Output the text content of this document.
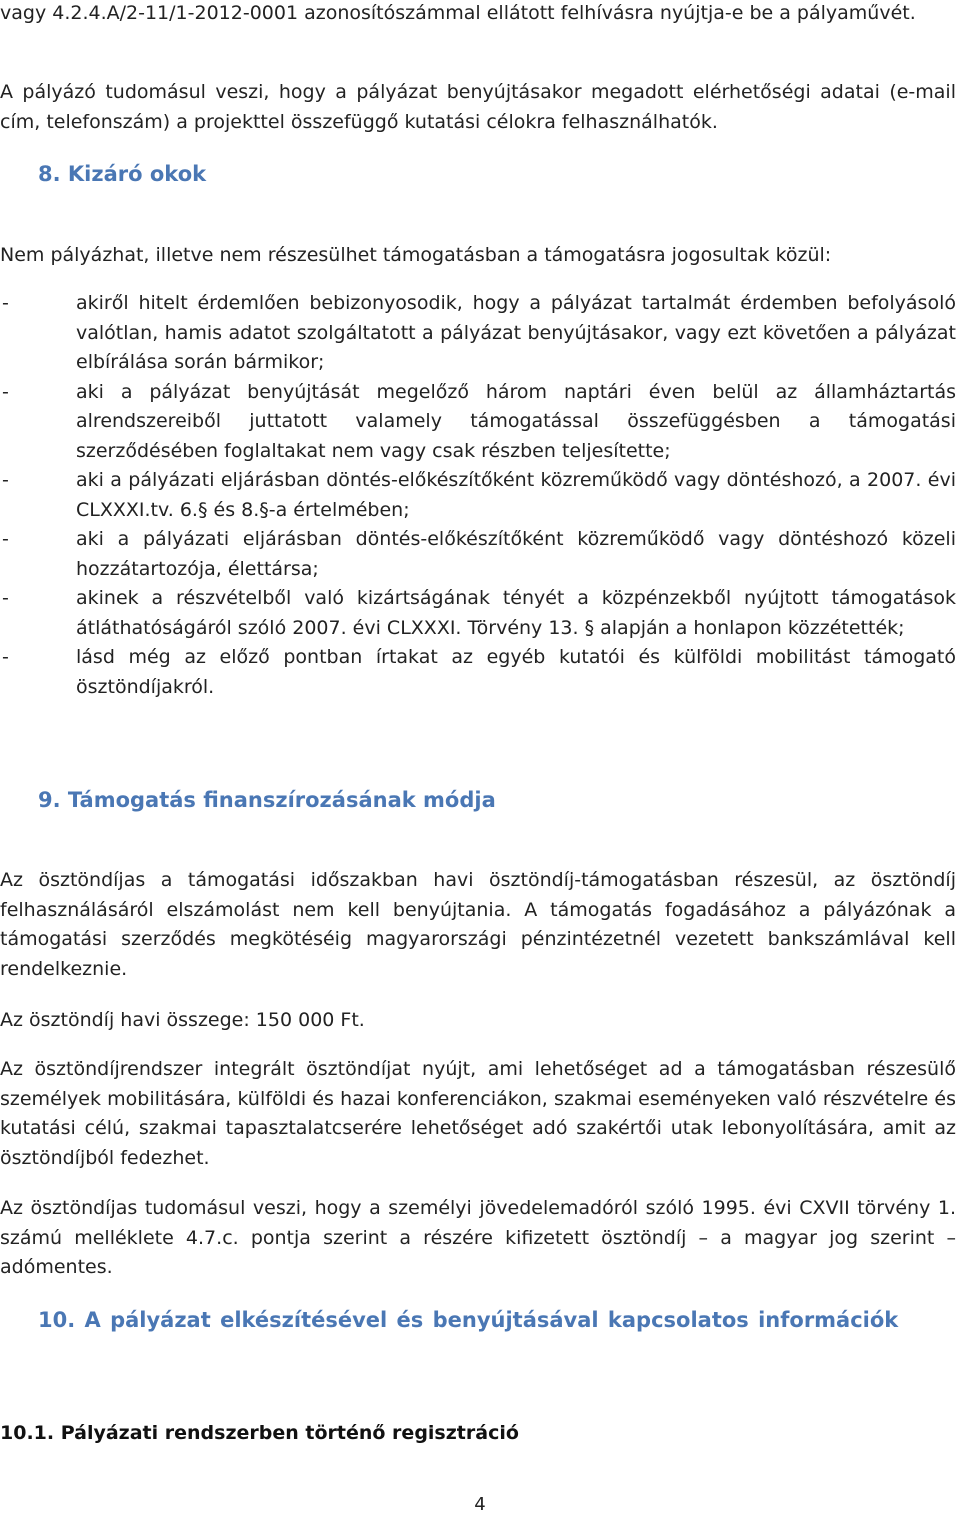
vagy 4.2.4.A/2-11/1-2012-0001 azonosítószámmal ellátott felhívásra nyújtja-e be a pályaművét.

A pályázó tudomásul veszi, hogy a pályázat benyújtásakor megadott elérhetőségi adatai (e-mail cím, telefonszám) a projekttel összefüggő kutatási célokra felhasználhatók.

8. Kizáró okok

Nem pályázhat, illetve nem részesülhet támogatásban a támogatásra jogosultak közül:

-	akiről hitelt érdemlően bebizonyosodik, hogy a pályázat tartalmát érdemben befolyásoló valótlan, hamis adatot szolgáltatott a pályázat benyújtásakor, vagy ezt követően a pályázat elbírálása során bármikor;
-	aki a pályázat benyújtását megelőző három naptári éven belül az államháztartás alrendszereiből juttatott valamely támogatással összefüggésben a támogatási szerződésében foglaltakat nem vagy csak részben teljesítette;
-	aki a pályázati eljárásban döntés-előkészítőként közreműködő vagy döntéshozó, a 2007. évi CLXXXI.tv. 6.§ és 8.§-a értelmében;
-	aki a pályázati eljárásban döntés-előkészítőként közreműködő vagy döntéshozó közeli hozzátartozója, élettársa;
-	akinek a részvételből való kizártságának tényét a közpénzekből nyújtott támogatások átláthatóságáról szóló 2007. évi CLXXXI. Törvény 13. § alapján a honlapon közzétették;
-	lásd még az előző pontban írtakat az egyéb kutatói és külföldi mobilitást támogató ösztöndíjakról.
9. Támogatás finanszírozásának módja

Az ösztöndíjas a támogatási időszakban havi ösztöndíj-támogatásban részesül, az ösztöndíj felhasználásáról elszámolást nem kell benyújtania. A támogatás fogadásához a pályázónak a támogatási szerződés megkötéséig magyarországi pénzintézetnél vezetett bankszámlával kell rendelkeznie.

Az ösztöndíj havi összege: 150 000 Ft.

Az ösztöndíjrendszer integrált ösztöndíjat nyújt, ami lehetőséget ad a támogatásban részesülő személyek mobilitására, külföldi és hazai konferenciákon, szakmai eseményeken való részvételre és kutatási célú, szakmai tapasztalatcserére lehetőséget adó szakértői utak lebonyolítására, amit az ösztöndíjból fedezhet.

Az ösztöndíjas tudomásul veszi, hogy a személyi jövedelemadóról szóló 1995. évi CXVII törvény 1. számú melléklete 4.7.c. pontja szerint a részére kifizetett ösztöndíj – a magyar jog szerint – adómentes.

10. A pályázat elkészítésével és benyújtásával kapcsolatos információk
10.1. Pályázati rendszerben történő regisztráció
4
